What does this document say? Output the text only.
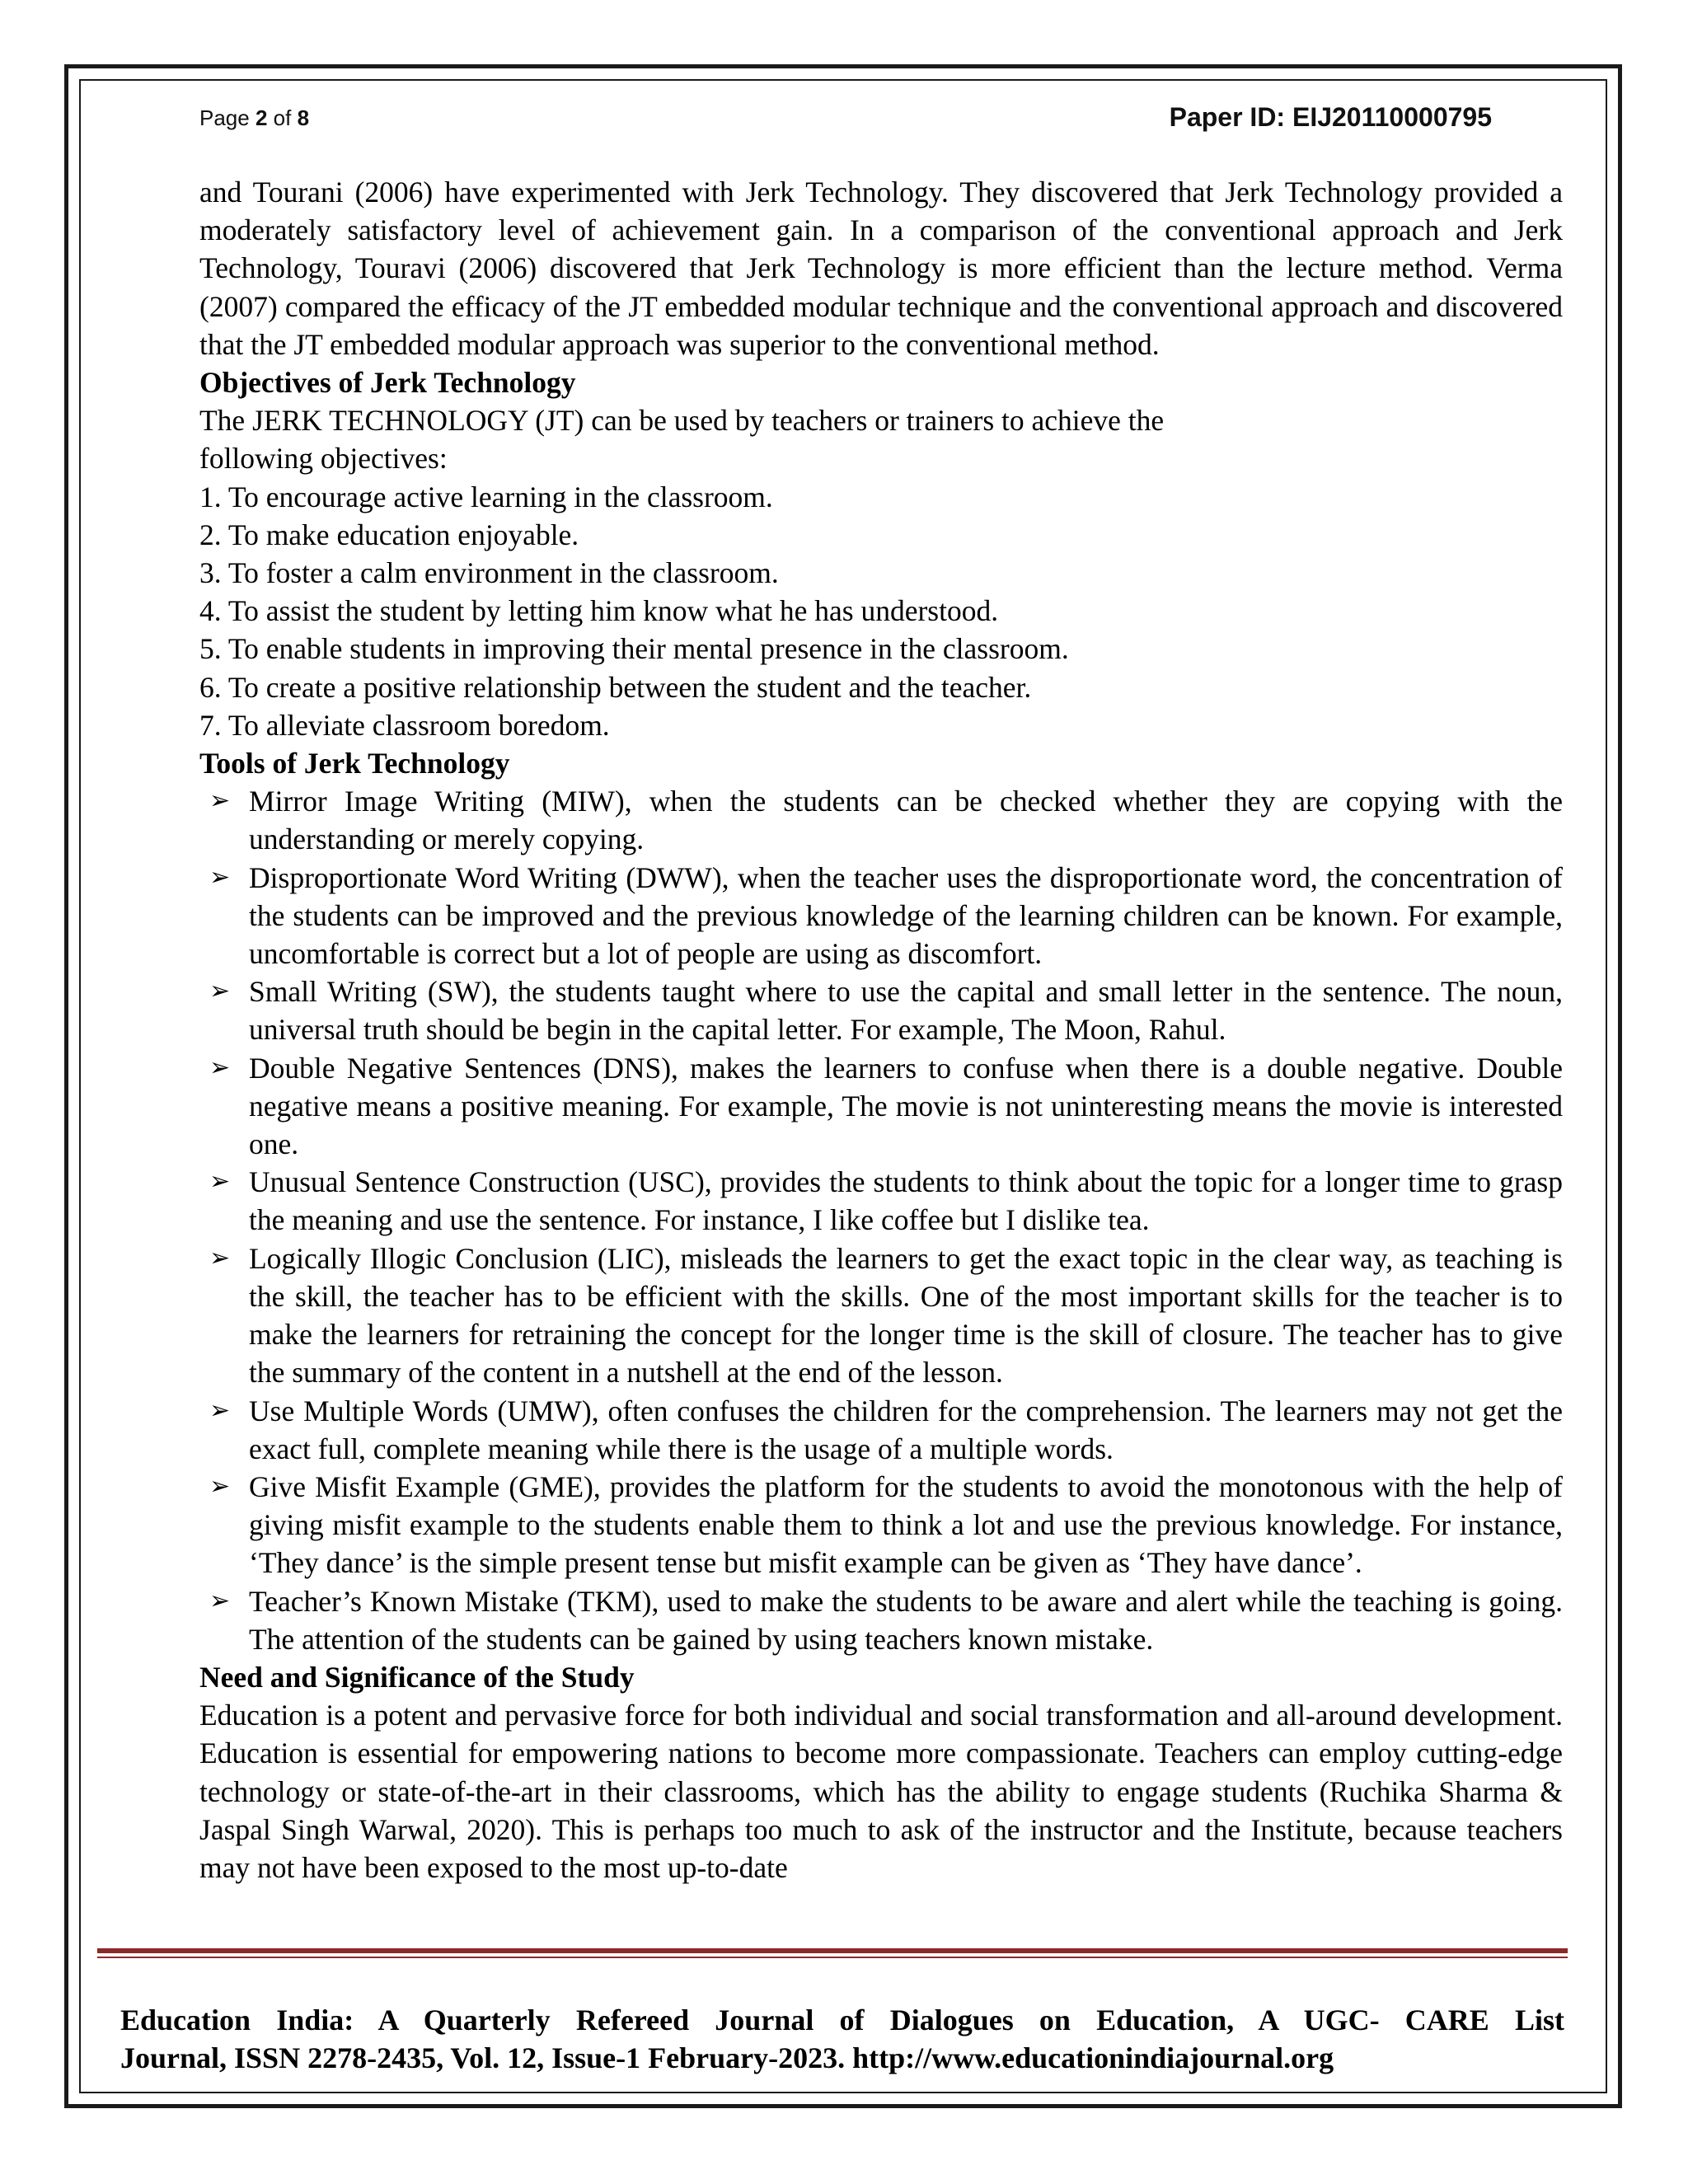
Page 2 of 8	Paper ID: EIJ20110000795

and Tourani (2006) have experimented with Jerk Technology. They discovered that Jerk Technology provided a moderately satisfactory level of achievement gain. In a comparison of the conventional approach and Jerk Technology, Touravi (2006) discovered that Jerk Technology is more efficient than the lecture method. Verma (2007) compared the efficacy of the JT embedded modular technique and the conventional approach and discovered that the JT embedded modular approach was superior to the conventional method.

Objectives of Jerk Technology

The JERK TECHNOLOGY (JT) can be used by teachers or trainers to achieve the

following objectives:

1. To encourage active learning in the classroom.
2. To make education enjoyable.
3. To foster a calm environment in the classroom.
4. To assist the student by letting him know what he has understood.
5. To enable students in improving their mental presence in the classroom.
6. To create a positive relationship between the student and the teacher.
7. To alleviate classroom boredom.
Tools of Jerk Technology
➢ Mirror Image Writing (MIW), when the students can be checked whether they are copying with the understanding or merely copying.
➢ Disproportionate Word Writing (DWW), when the teacher uses the disproportionate word, the concentration of the students can be improved and the previous knowledge of the learning children can be known. For example, uncomfortable is correct but a lot of people are using as discomfort.
➢ Small Writing (SW), the students taught where to use the capital and small letter in the sentence. The noun, universal truth should be begin in the capital letter. For example, The Moon, Rahul.
➢ Double Negative Sentences (DNS), makes the learners to confuse when there is a double negative. Double negative means a positive meaning. For example, The movie is not uninteresting means the movie is interested one.
➢ Unusual Sentence Construction (USC), provides the students to think about the topic for a longer time to grasp the meaning and use the sentence. For instance, I like coffee but I dislike tea.
➢ Logically Illogic Conclusion (LIC), misleads the learners to get the exact topic in the clear way, as teaching is the skill, the teacher has to be efficient with the skills. One of the most important skills for the teacher is to make the learners for retraining the concept for the longer time is the skill of closure. The teacher has to give the summary of the content in a nutshell at the end of the lesson.
➢ Use Multiple Words (UMW), often confuses the children for the comprehension. The learners may not get the exact full, complete meaning while there is the usage of a multiple words.
➢ Give Misfit Example (GME), provides the platform for the students to avoid the monotonous with the help of giving misfit example to the students enable them to think a lot and use the previous knowledge. For instance, ‘They dance’ is the simple present tense but misfit example can be given as ‘They have dance’.
➢ Teacher’s Known Mistake (TKM), used to make the students to be aware and alert while the teaching is going. The attention of the students can be gained by using teachers known mistake.
Need and Significance of the Study

Education is a potent and pervasive force for both individual and social transformation and all-around development. Education is essential for empowering nations to become more compassionate. Teachers can employ cutting-edge technology or state-of-the-art in their classrooms, which has the ability to engage students (Ruchika Sharma & Jaspal Singh Warwal, 2020). This is perhaps too much to ask of the instructor and the Institute, because teachers may not have been exposed to the most up-to-date

Education India: A Quarterly Refereed Journal of Dialogues on Education, A UGC- CARE List
Journal, ISSN 2278-2435, Vol. 12, Issue-1 February-2023. http://www.educationindiajournal.org
